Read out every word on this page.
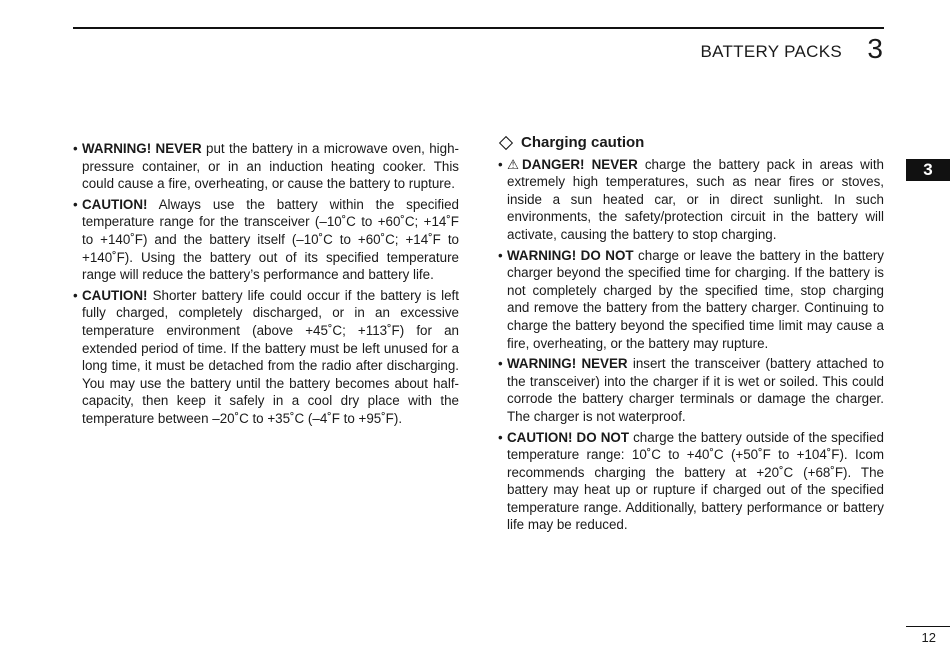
BATTERY PACKS 3
3

• WARNING! NEVER put the battery in a microwave oven, high-pressure container, or in an induction heating cooker. This could cause a fire, overheating, or cause the battery to rupture.

• CAUTION! Always use the battery within the specified temperature range for the transceiver (–10˚C to +60˚C; +14˚F to +140˚F) and the battery itself (–10˚C to +60˚C; +14˚F to +140˚F). Using the battery out of its specified temperature range will reduce the battery’s performance and battery life.

• CAUTION! Shorter battery life could occur if the battery is left fully charged, completely discharged, or in an excessive temperature environment (above +45˚C; +113˚F) for an extended period of time. If the battery must be left unused for a long time, it must be detached from the radio after discharging. You may use the battery until the battery becomes about half-capacity, then keep it safely in a cool dry place with the temperature between –20˚C to +35˚C (–4˚F to +95˚F).

Charging caution

• ⚠ DANGER! NEVER charge the battery pack in areas with extremely high temperatures, such as near fires or stoves, inside a sun heated car, or in direct sunlight. In such environments, the safety/protection circuit in the battery will activate, causing the battery to stop charging.

• WARNING! DO NOT charge or leave the battery in the battery charger beyond the specified time for charging. If the battery is not completely charged by the specified time, stop charging and remove the battery from the battery charger. Continuing to charge the battery beyond the specified time limit may cause a fire, overheating, or the battery may rupture.

• WARNING! NEVER insert the transceiver (battery attached to the transceiver) into the charger if it is wet or soiled. This could corrode the battery charger terminals or damage the charger. The charger is not waterproof.

• CAUTION! DO NOT charge the battery outside of the specified temperature range: 10˚C to +40˚C (+50˚F to +104˚F). Icom recommends charging the battery at +20˚C (+68˚F). The battery may heat up or rupture if charged out of the specified temperature range. Additionally, battery performance or battery life may be reduced.

12
